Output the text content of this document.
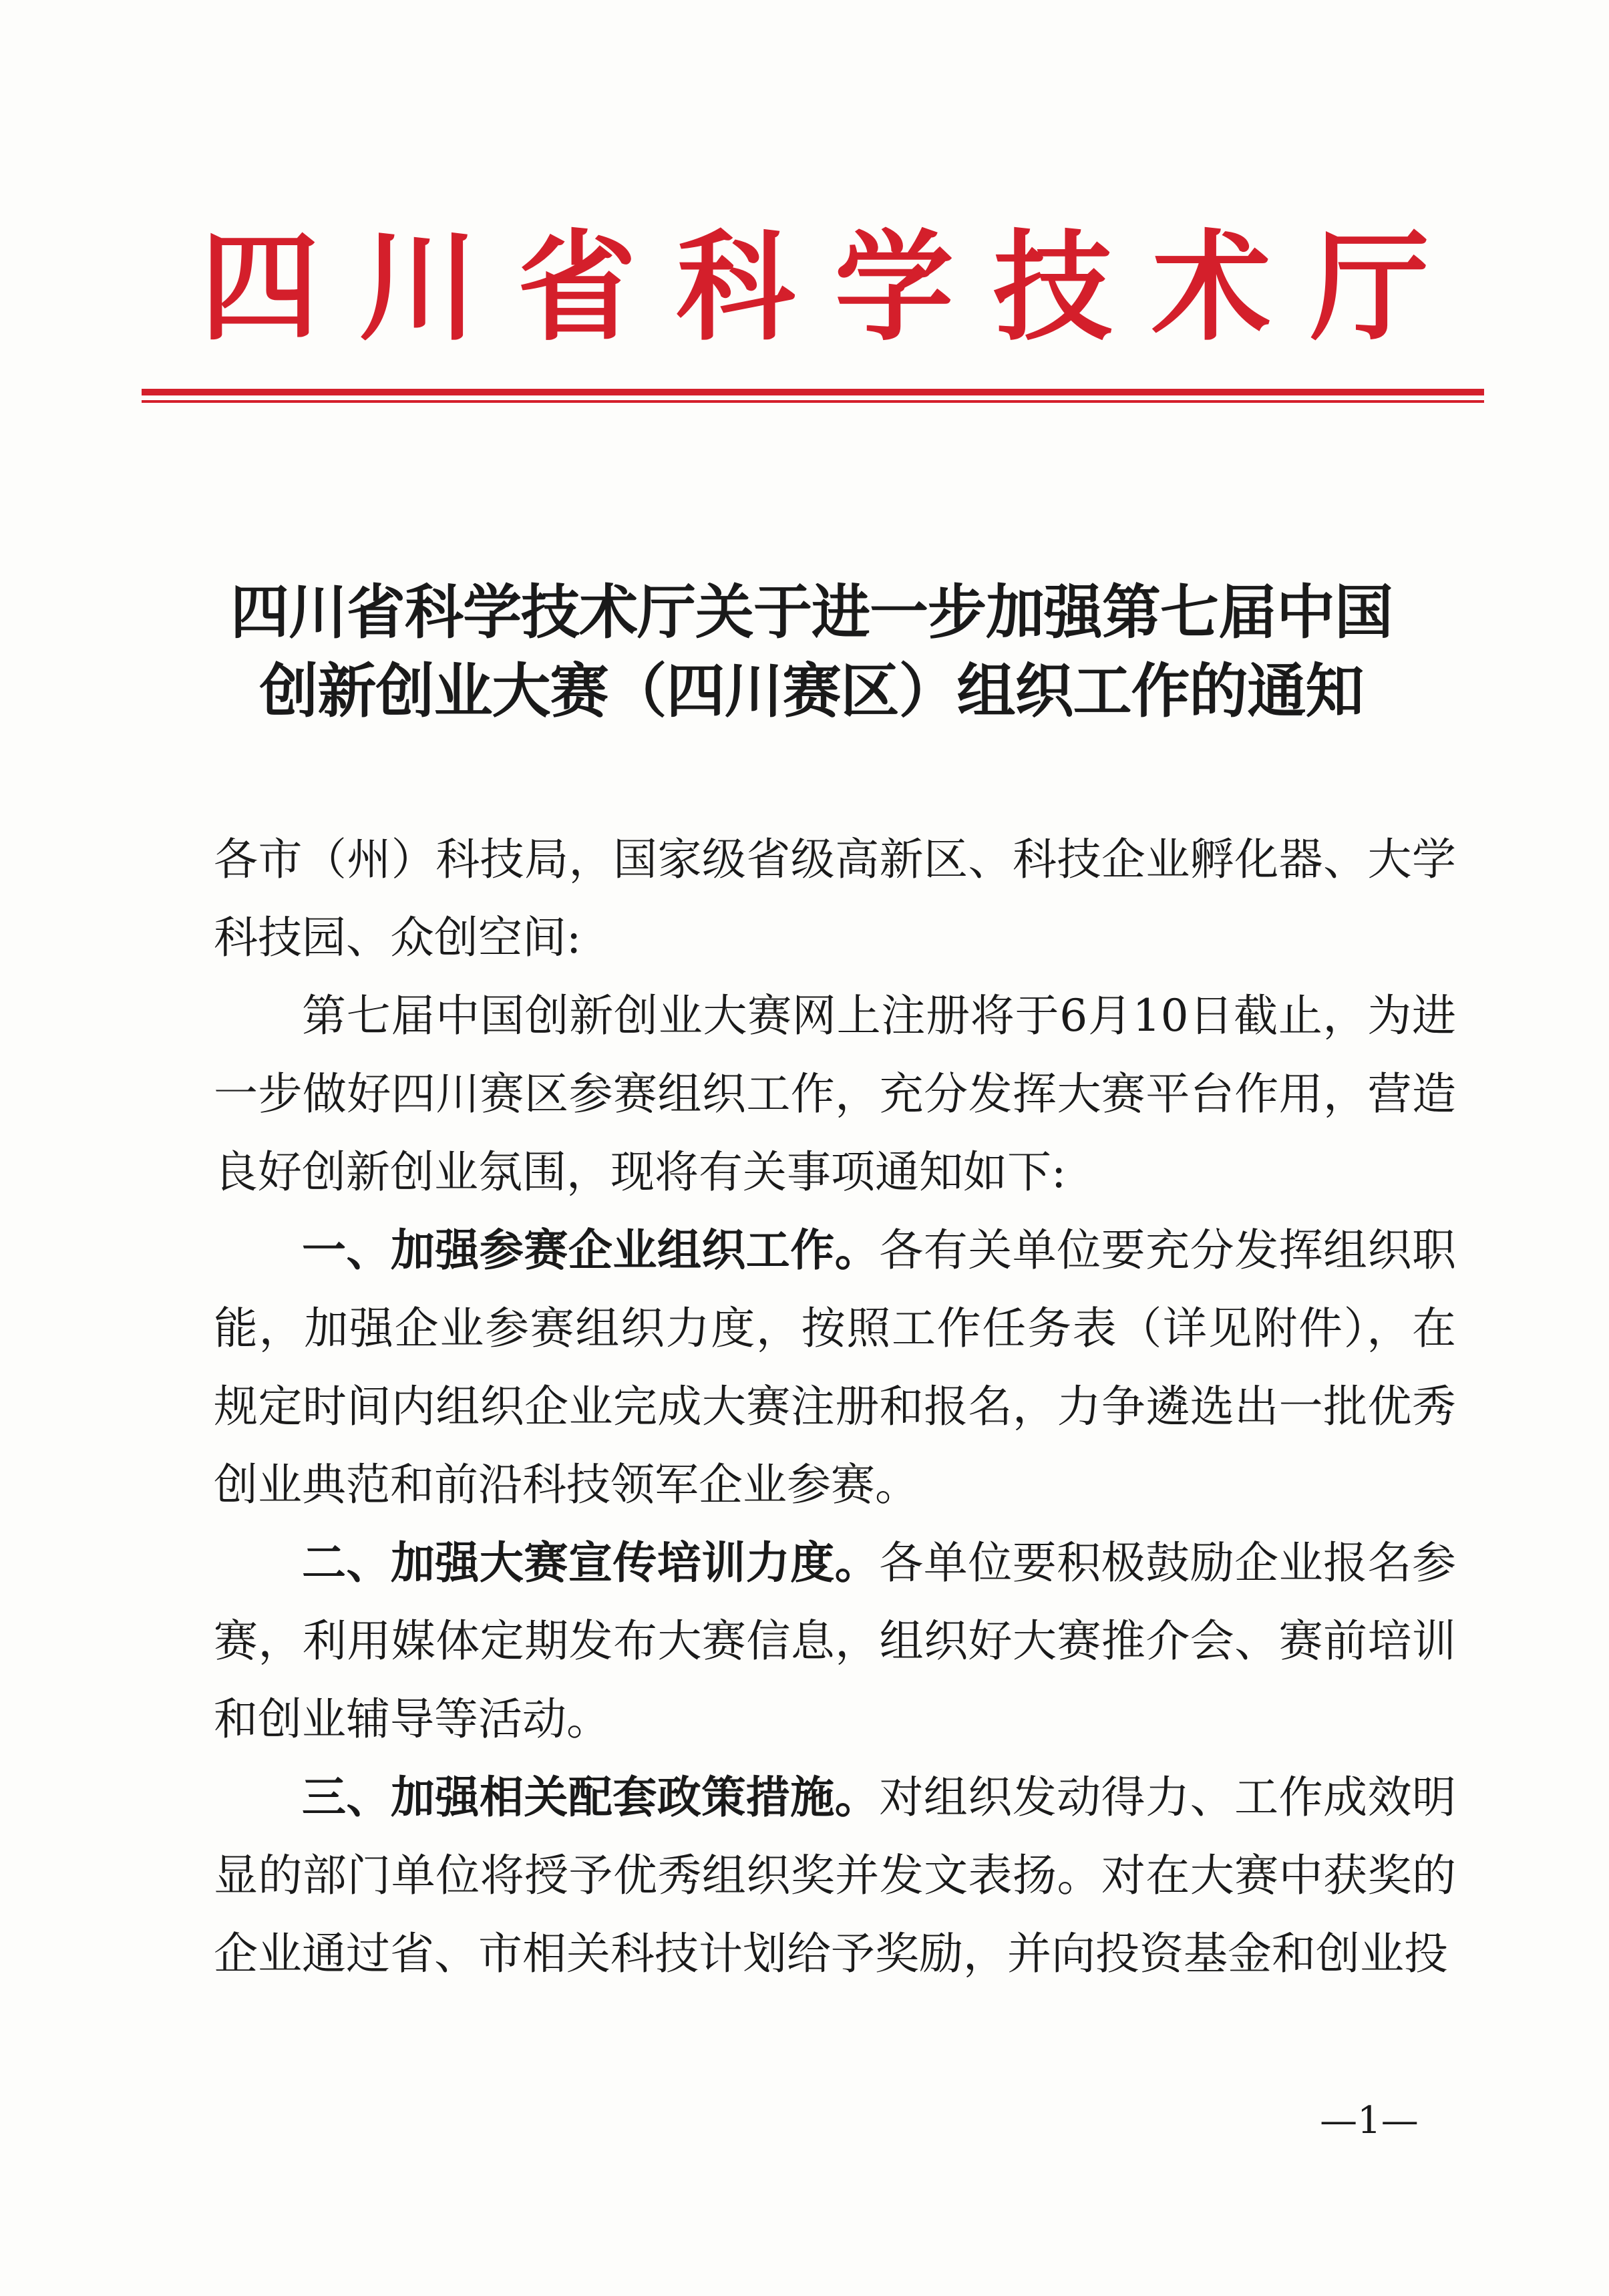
四 川 省 科 学 技 术 厅
四川省科学技术厅关于进一步加强第七届中国
创新创业大赛（四川赛区）组织工作的通知

各市（州）科技局，国家级省级高新区、科技企业孵化器、大学科技园、众创空间:

第七届中国创新创业大赛网上注册将于6月10日截止，为进一步做好四川赛区参赛组织工作，充分发挥大赛平台作用，营造良好创新创业氛围，现将有关事项通知如下:

一、加强参赛企业组织工作。各有关单位要充分发挥组织职能，加强企业参赛组织力度，按照工作任务表（详见附件），在规定时间内组织企业完成大赛注册和报名，力争遴选出一批优秀创业典范和前沿科技领军企业参赛。

二、加强大赛宣传培训力度。各单位要积极鼓励企业报名参赛，利用媒体定期发布大赛信息，组织好大赛推介会、赛前培训和创业辅导等活动。

三、加强相关配套政策措施。对组织发动得力、工作成效明显的部门单位将授予优秀组织奖并发文表扬。对在大赛中获奖的企业通过省、市相关科技计划给予奖励，并向投资基金和创业投

—1—
